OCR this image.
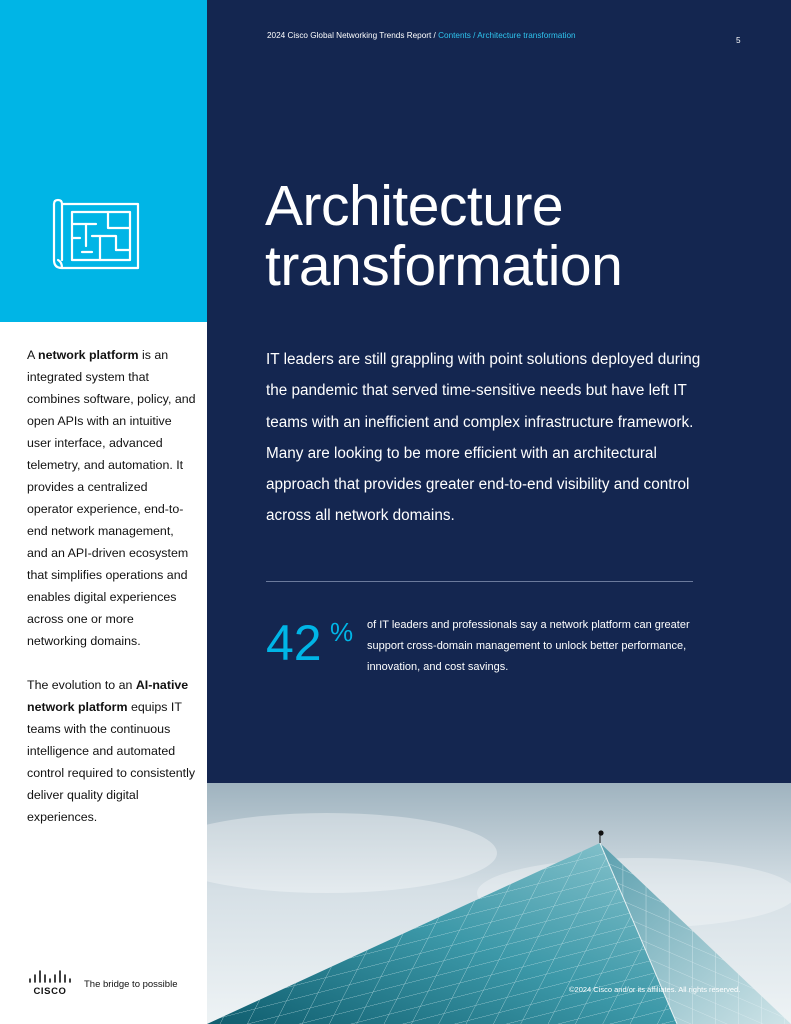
A network platform is an integrated system that combines software, policy, and open APIs with an intuitive user interface, advanced telemetry, and automation. It provides a centralized operator experience, end-to-end network management, and an API-driven ecosystem that simplifies operations and enables digital experiences across one or more networking domains.

The evolution to an AI-native network platform equips IT teams with the continuous intelligence and automated control required to consistently deliver quality digital experiences.

CISCO
The bridge to possible
2024 Cisco Global Networking Trends Report / Contents / Architecture transformation
5
Architecture
transformation

IT leaders are still grappling with point solutions deployed during the pandemic that served time-sensitive needs but have left IT teams with an inefficient and complex infrastructure framework. Many are looking to be more efficient with an architectural approach that provides greater end-to-end visibility and control across all network domains.

42 % of IT leaders and professionals say a network platform can greater support cross-domain management to unlock better performance, innovation, and cost savings.

©2024 Cisco and/or its affiliates. All rights reserved.
